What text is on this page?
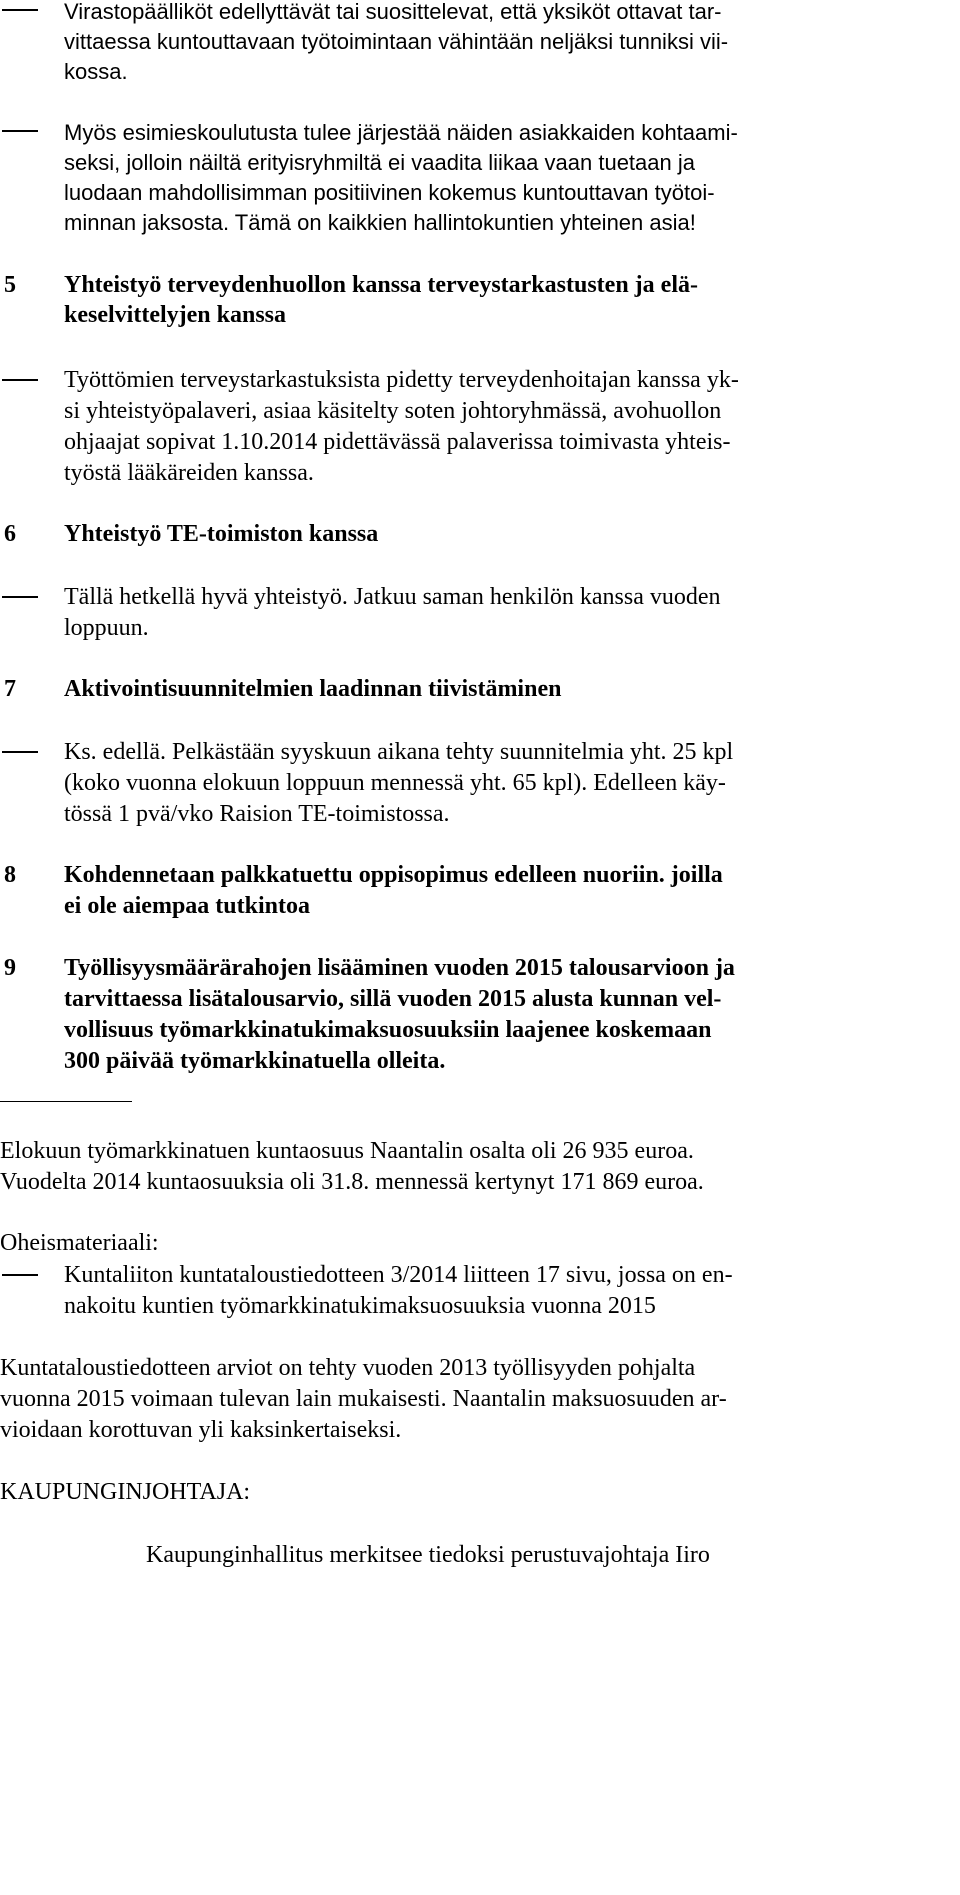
Virastopäälliköt edellyttävät tai suosittelevat, että yksiköt ottavat tar-
vittaessa kuntouttavaan työtoimintaan vähintään neljäksi tunniksi vii-
kossa.
Myös esimieskoulutusta tulee järjestää näiden asiakkaiden kohtaami-
seksi, jolloin näiltä erityisryhmiltä ei vaadita liikaa vaan tuetaan ja
luodaan mahdollisimman positiivinen kokemus kuntouttavan työtoi-
minnan jaksosta. Tämä on kaikkien hallintokuntien yhteinen asia!
5 Yhteistyö terveydenhuollon kanssa terveystarkastusten ja elä-
keselvittelyjen kanssa
Työttömien terveystarkastuksista pidetty terveydenhoitajan kanssa yk-
si yhteistyöpalaveri, asiaa käsitelty soten johtoryhmässä, avohuollon
ohjaajat sopivat 1.10.2014 pidettävässä palaverissa toimivasta yhteis-
työstä lääkäreiden kanssa.
6 Yhteistyö TE-toimiston kanssa
Tällä hetkellä hyvä yhteistyö. Jatkuu saman henkilön kanssa vuoden
loppuun.
7 Aktivointisuunnitelmien laadinnan tiivistäminen
Ks. edellä. Pelkästään syyskuun aikana tehty suunnitelmia yht. 25 kpl
(koko vuonna elokuun loppuun mennessä yht. 65 kpl). Edelleen käy-
tössä 1 pvä/vko Raision TE-toimistossa.
8 Kohdennetaan palkkatuettu oppisopimus edelleen nuoriin. joilla
ei ole aiempaa tutkintoa
9 Työllisyysmäärärahojen lisääminen vuoden 2015 talousarvioon ja
tarvittaessa lisätalousarvio, sillä vuoden 2015 alusta kunnan vel-
vollisuus työmarkkinatukimaksuosuuksiin laajenee koskemaan
300 päivää työmarkkinatuella olleita.
Elokuun työmarkkinatuen kuntaosuus Naantalin osalta oli 26 935 euroa.
Vuodelta 2014 kuntaosuuksia oli 31.8. mennessä kertynyt 171 869 euroa.
Oheismateriaali:
Kuntaliiton kuntataloustiedotteen 3/2014 liitteen 17 sivu, jossa on en-
nakoitu kuntien työmarkkinatukimaksuosuuksia vuonna 2015
Kuntataloustiedotteen arviot on tehty vuoden 2013 työllisyyden pohjalta
vuonna 2015 voimaan tulevan lain mukaisesti. Naantalin maksuosuuden ar-
vioidaan korottuvan yli kaksinkertaiseksi.
KAUPUNGINJOHTAJA:
Kaupunginhallitus merkitsee tiedoksi perustuvajohtaja Iiro
